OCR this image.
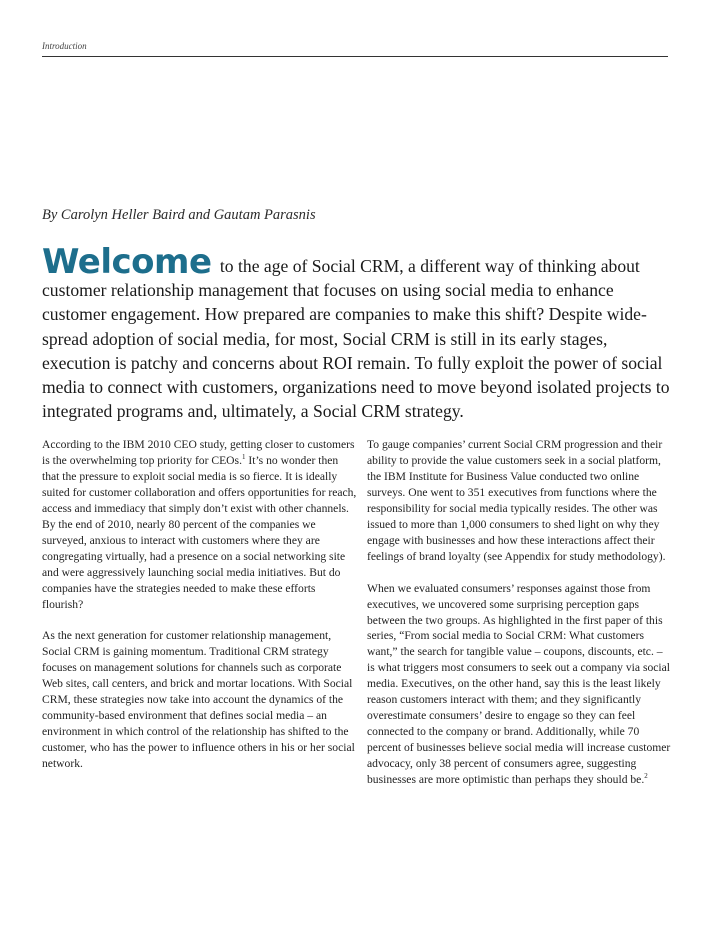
Introduction
By Carolyn Heller Baird and Gautam Parasnis
Welcome to the age of Social CRM, a different way of thinking about customer relationship management that focuses on using social media to enhance customer engagement. How prepared are companies to make this shift? Despite wide-spread adoption of social media, for most, Social CRM is still in its early stages, execution is patchy and concerns about ROI remain. To fully exploit the power of social media to connect with customers, organizations need to move beyond isolated projects to integrated programs and, ultimately, a Social CRM strategy.

According to the IBM 2010 CEO study, getting closer to customers is the overwhelming top priority for CEOs.$^1$ It’s no wonder then that the pressure to exploit social media is so fierce. It is ideally suited for customer collaboration and offers opportunities for reach, access and immediacy that simply don’t exist with other channels. By the end of 2010, nearly 80 percent of the companies we surveyed, anxious to interact with customers where they are congregating virtually, had a presence on a social networking site and were aggressively launching social media initiatives. But do companies have the strategies needed to make these efforts flourish?

As the next generation for customer relationship management, Social CRM is gaining momentum. Traditional CRM strategy focuses on management solutions for channels such as corporate Web sites, call centers, and brick and mortar locations. With Social CRM, these strategies now take into account the dynamics of the community-based environment that defines social media – an environment in which control of the relationship has shifted to the customer, who has the power to influence others in his or her social network.

To gauge companies’ current Social CRM progression and their ability to provide the value customers seek in a social platform, the IBM Institute for Business Value conducted two online surveys. One went to 351 executives from functions where the responsibility for social media typically resides. The other was issued to more than 1,000 consumers to shed light on why they engage with businesses and how these interactions affect their feelings of brand loyalty (see Appendix for study methodology).

When we evaluated consumers’ responses against those from executives, we uncovered some surprising perception gaps between the two groups. As highlighted in the first paper of this series, “From social media to Social CRM: What customers want,” the search for tangible value – coupons, discounts, etc. – is what triggers most consumers to seek out a company via social media. Executives, on the other hand, say this is the least likely reason customers interact with them; and they significantly overestimate consumers’ desire to engage so they can feel connected to the company or brand. Additionally, while 70 percent of businesses believe social media will increase customer advocacy, only 38 percent of consumers agree, suggesting businesses are more optimistic than perhaps they should be.$^2$
